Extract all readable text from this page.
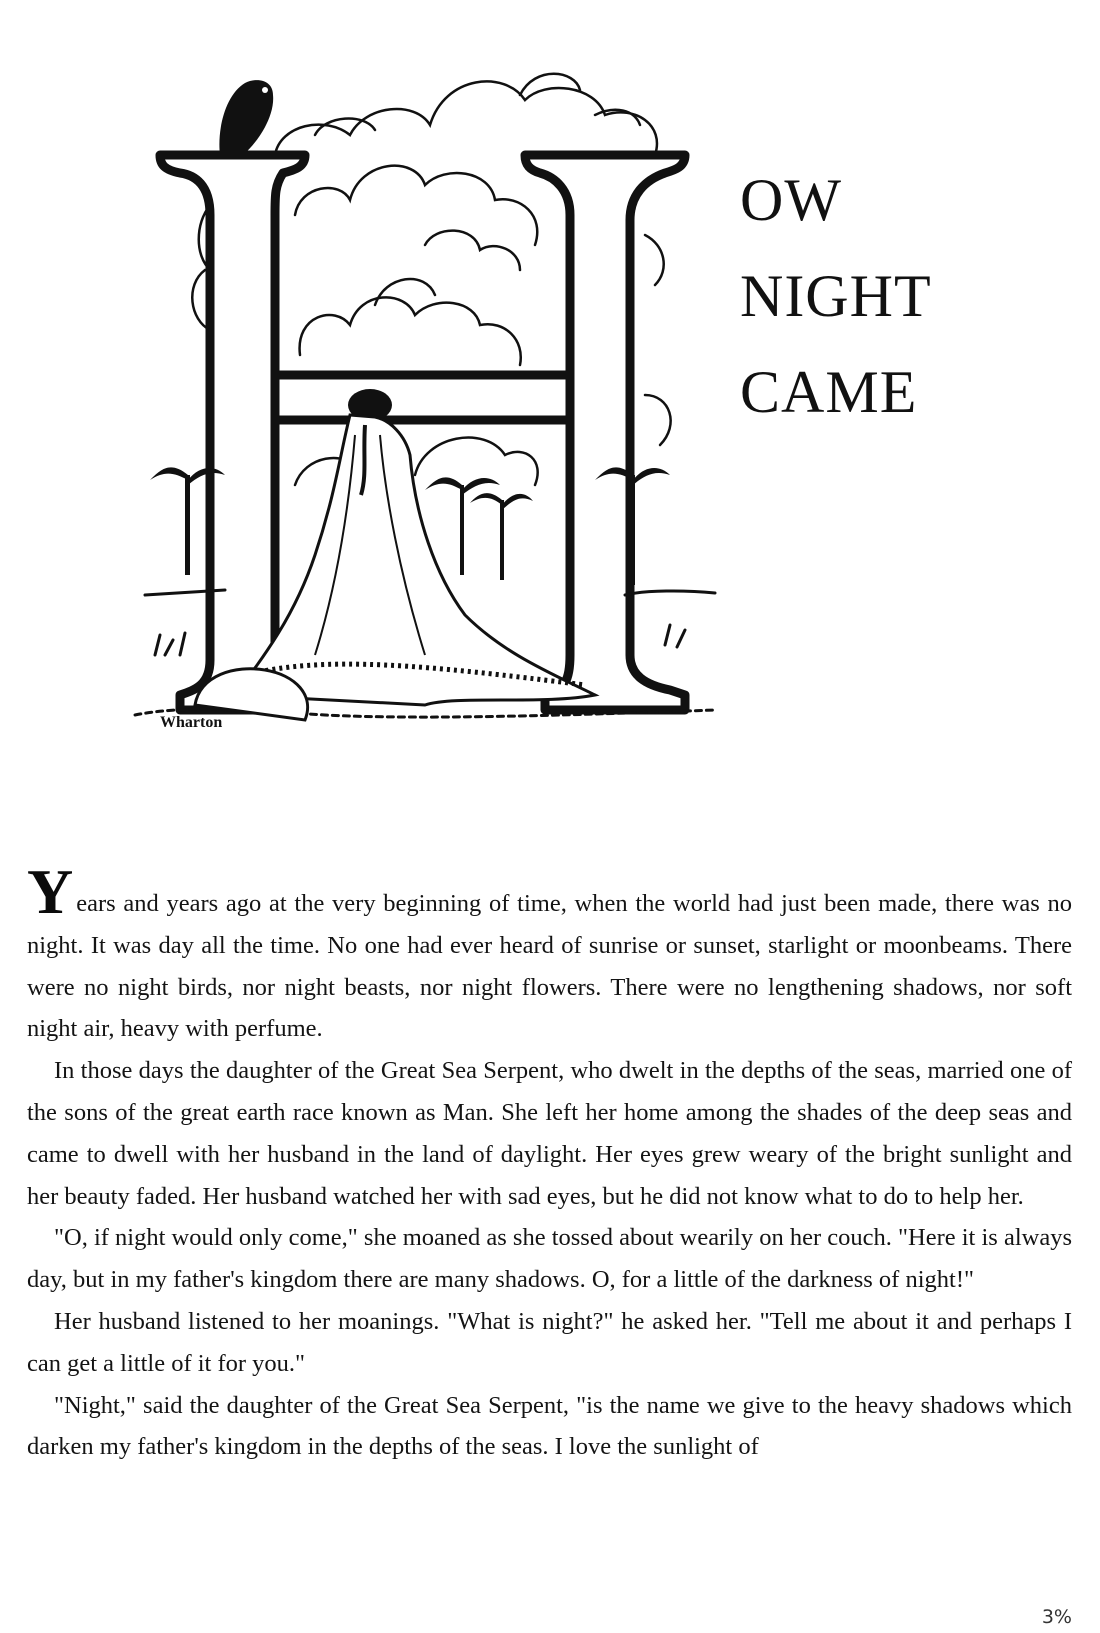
Wharton
OW
NIGHT
CAME

Years and years ago at the very beginning of time, when the world had just been made, there was no night. It was day all the time. No one had ever heard of sunrise or sunset, starlight or moonbeams. There were no night birds, nor night beasts, nor night flowers. There were no lengthening shadows, nor soft night air, heavy with perfume.

In those days the daughter of the Great Sea Serpent, who dwelt in the depths of the seas, married one of the sons of the great earth race known as Man. She left her home among the shades of the deep seas and came to dwell with her husband in the land of daylight. Her eyes grew weary of the bright sunlight and her beauty faded. Her husband watched her with sad eyes, but he did not know what to do to help her.

"O, if night would only come," she moaned as she tossed about wearily on her couch. "Here it is always day, but in my father's kingdom there are many shadows. O, for a little of the darkness of night!"

Her husband listened to her moanings. "What is night?" he asked her. "Tell me about it and perhaps I can get a little of it for you."

"Night," said the daughter of the Great Sea Serpent, "is the name we give to the heavy shadows which darken my father's kingdom in the depths of the seas. I love the sunlight of

3%
